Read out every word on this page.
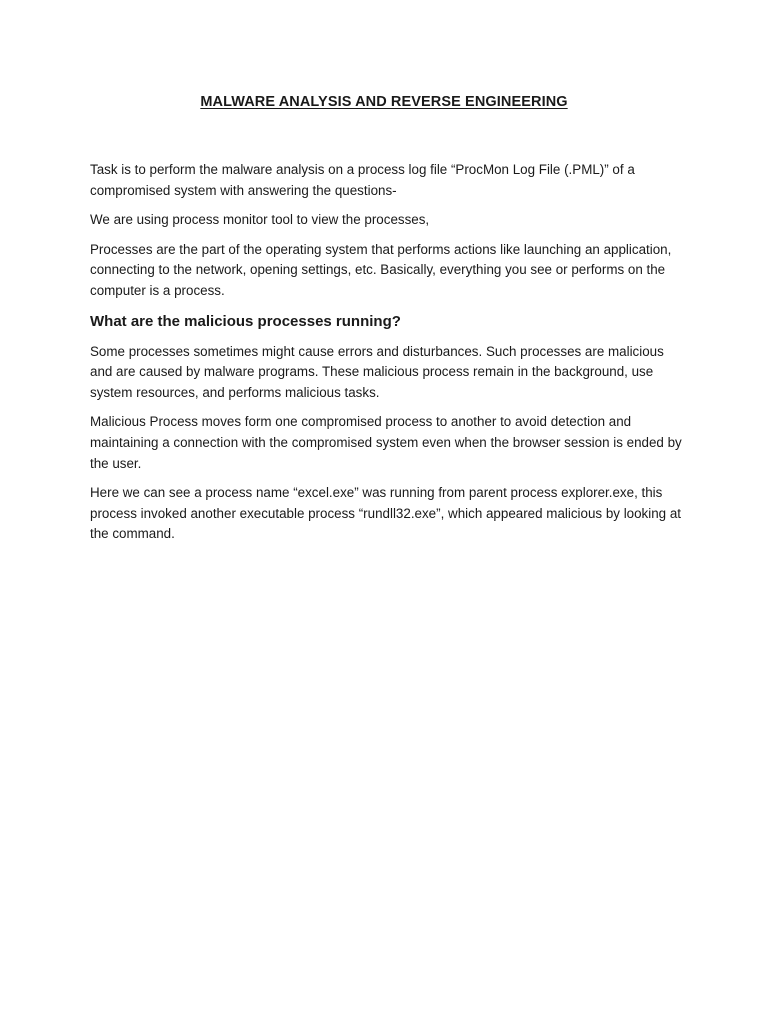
MALWARE ANALYSIS AND REVERSE ENGINEERING

Task is to perform the malware analysis on a process log file “ProcMon Log File (.PML)” of a compromised system with answering the questions-

We are using process monitor tool to view the processes,

Processes are the part of the operating system that performs actions like launching an application, connecting to the network, opening settings, etc. Basically, everything you see or performs on the computer is a process.

What are the malicious processes running?

Some processes sometimes might cause errors and disturbances. Such processes are malicious and are caused by malware programs. These malicious process remain in the background, use system resources, and performs malicious tasks.

Malicious Process moves form one compromised process to another to avoid detection and maintaining a connection with the compromised system even when the browser session is ended by the user.

Here we can see a process name “excel.exe” was running from parent process explorer.exe, this process invoked another executable process “rundll32.exe”, which appeared malicious by looking at the command.
